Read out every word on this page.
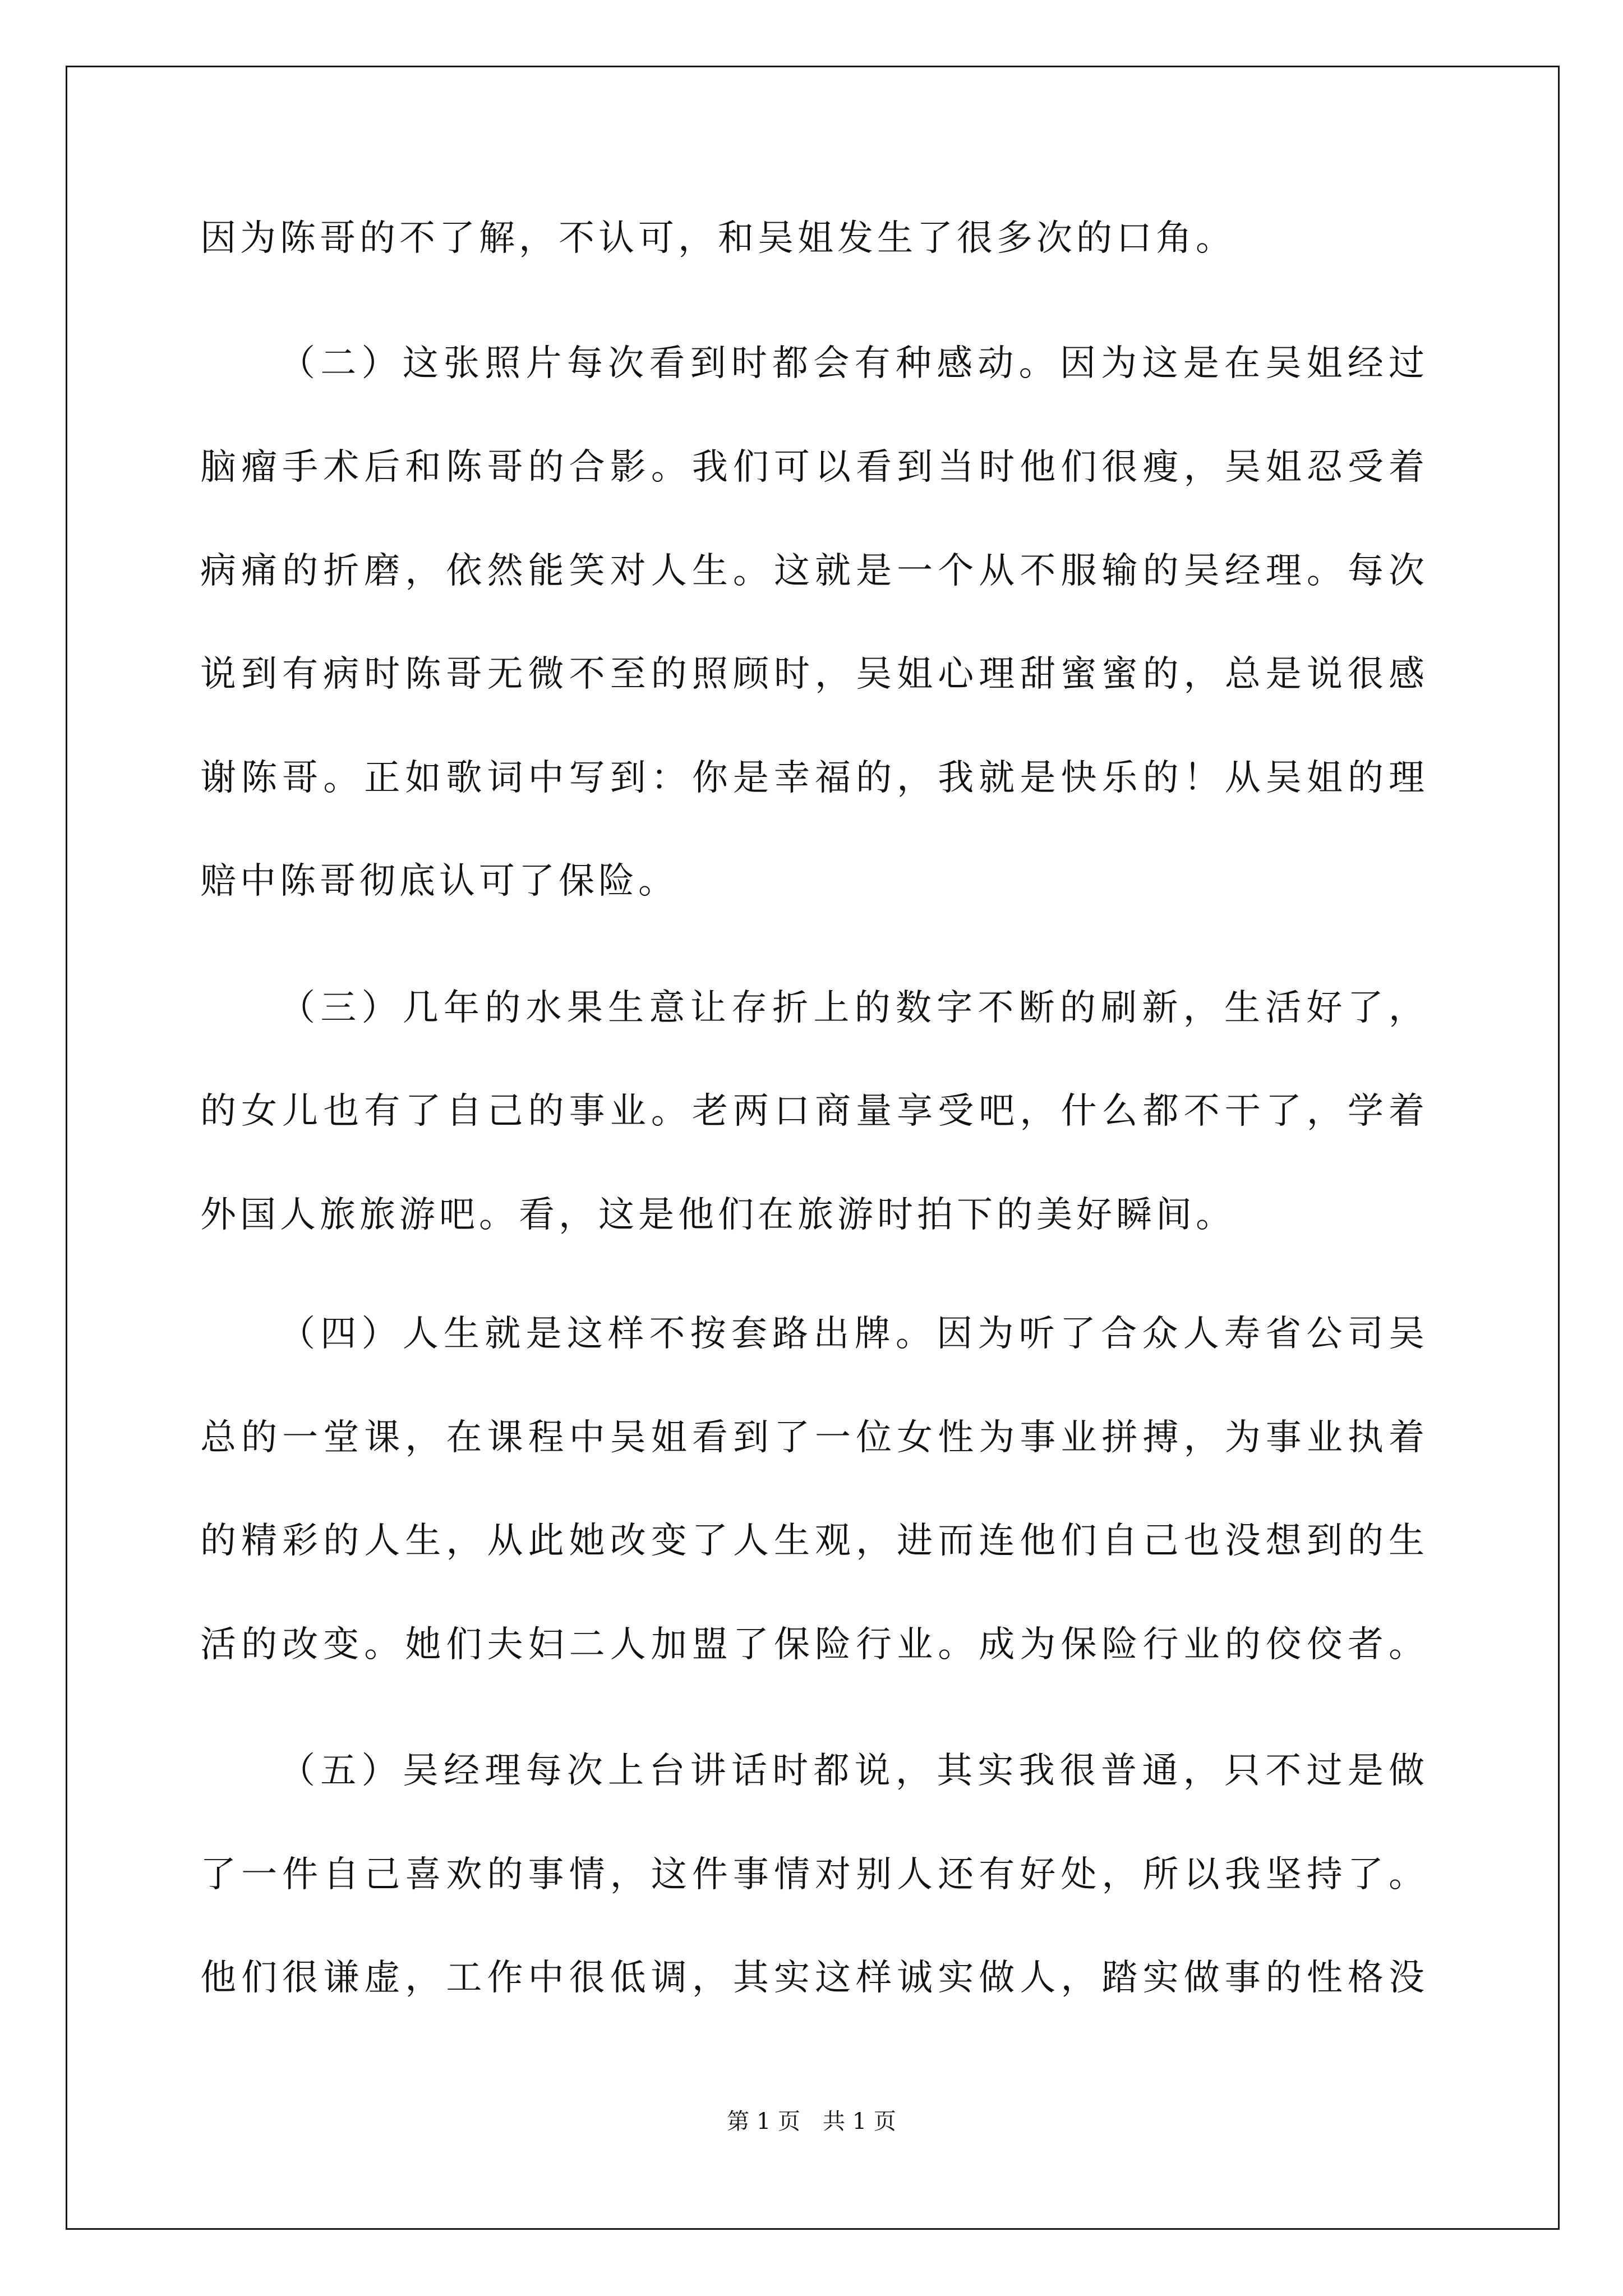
因为陈哥的不了解，不认可，和吴姐发生了很多次的口角。
（二）这张照片每次看到时都会有种感动。因为这是在吴姐经过
脑瘤手术后和陈哥的合影。我们可以看到当时他们很瘦，吴姐忍受着
病痛的折磨，依然能笑对人生。这就是一个从不服输的吴经理。每次
说到有病时陈哥无微不至的照顾时，吴姐心理甜蜜蜜的，总是说很感
谢陈哥。正如歌词中写到：你是幸福的，我就是快乐的！从吴姐的理
赔中陈哥彻底认可了保险。
（三）几年的水果生意让存折上的数字不断的刷新，生活好了，
的女儿也有了自己的事业。老两口商量享受吧，什么都不干了，学着
外国人旅旅游吧。看，这是他们在旅游时拍下的美好瞬间。
（四）人生就是这样不按套路出牌。因为听了合众人寿省公司吴
总的一堂课，在课程中吴姐看到了一位女性为事业拼搏，为事业执着
的精彩的人生，从此她改变了人生观，进而连他们自己也没想到的生
活的改变。她们夫妇二人加盟了保险行业。成为保险行业的佼佼者。
（五）吴经理每次上台讲话时都说，其实我很普通，只不过是做
了一件自己喜欢的事情，这件事情对别人还有好处，所以我坚持了。
他们很谦虚，工作中很低调，其实这样诚实做人，踏实做事的性格没
第 1 页　共 1 页
